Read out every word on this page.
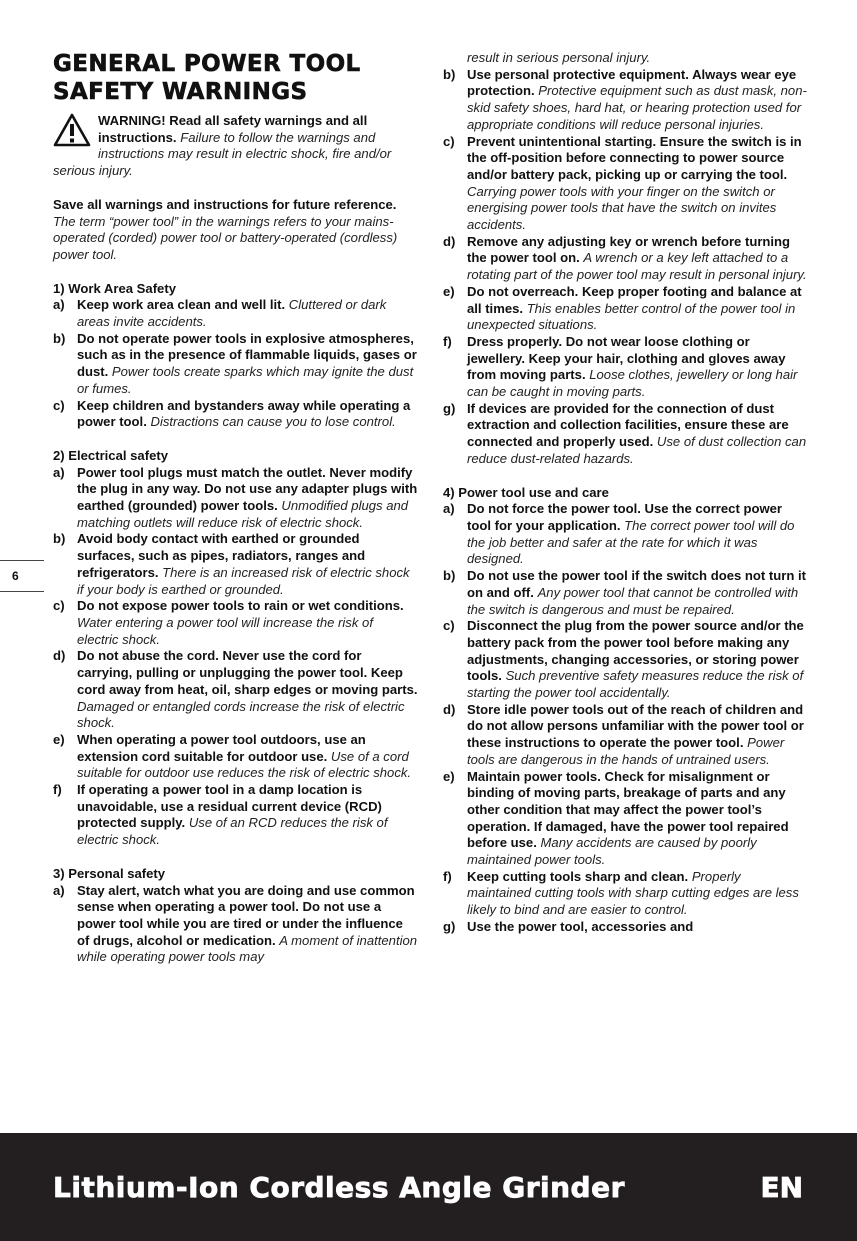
GENERAL POWER TOOL
SAFETY WARNINGS
WARNING! Read all safety warnings and all instructions. Failure to follow the warnings and instructions may result in electric shock, fire and/or serious injury.

Save all warnings and instructions for future reference.
The term “power tool” in the warnings refers to your mains-operated (corded) power tool or battery-operated (cordless) power tool.

1) Work Area Safety
a) Keep work area clean and well lit. Cluttered or dark areas invite accidents.
b) Do not operate power tools in explosive atmospheres, such as in the presence of flammable liquids, gases or dust. Power tools create sparks which may ignite the dust or fumes.
c) Keep children and bystanders away while operating a power tool. Distractions can cause you to lose control.
2) Electrical safety
a) Power tool plugs must match the outlet. Never modify the plug in any way. Do not use any adapter plugs with earthed (grounded) power tools. Unmodified plugs and matching outlets will reduce risk of electric shock.
b) Avoid body contact with earthed or grounded surfaces, such as pipes, radiators, ranges and refrigerators. There is an increased risk of electric shock if your body is earthed or grounded.
c) Do not expose power tools to rain or wet conditions. Water entering a power tool will increase the risk of electric shock.
d) Do not abuse the cord. Never use the cord for carrying, pulling or unplugging the power tool. Keep cord away from heat, oil, sharp edges or moving parts. Damaged or entangled cords increase the risk of electric shock.
e) When operating a power tool outdoors, use an extension cord suitable for outdoor use. Use of a cord suitable for outdoor use reduces the risk of electric shock.
f) If operating a power tool in a damp location is unavoidable, use a residual current device (RCD) protected supply. Use of an RCD reduces the risk of electric shock.
3) Personal safety
a) Stay alert, watch what you are doing and use common sense when operating a power tool. Do not use a power tool while you are tired or under the influence of drugs, alcohol or medication. A moment of inattention while operating power tools may
result in serious personal injury.
b) Use personal protective equipment. Always wear eye protection. Protective equipment such as dust mask, non-skid safety shoes, hard hat, or hearing protection used for appropriate conditions will reduce personal injuries.
c) Prevent unintentional starting. Ensure the switch is in the off-position before connecting to power source and/or battery pack, picking up or carrying the tool. Carrying power tools with your finger on the switch or energising power tools that have the switch on invites accidents.
d) Remove any adjusting key or wrench before turning the power tool on. A wrench or a key left attached to a rotating part of the power tool may result in personal injury.
e) Do not overreach. Keep proper footing and balance at all times. This enables better control of the power tool in unexpected situations.
f) Dress properly. Do not wear loose clothing or jewellery. Keep your hair, clothing and gloves away from moving parts. Loose clothes, jewellery or long hair can be caught in moving parts.
g) If devices are provided for the connection of dust extraction and collection facilities, ensure these are connected and properly used. Use of dust collection can reduce dust-related hazards.
4) Power tool use and care
a) Do not force the power tool. Use the correct power tool for your application. The correct power tool will do the job better and safer at the rate for which it was designed.
b) Do not use the power tool if the switch does not turn it on and off. Any power tool that cannot be controlled with the switch is dangerous and must be repaired.
c) Disconnect the plug from the power source and/or the battery pack from the power tool before making any adjustments, changing accessories, or storing power tools. Such preventive safety measures reduce the risk of starting the power tool accidentally.
d) Store idle power tools out of the reach of children and do not allow persons unfamiliar with the power tool or these instructions to operate the power tool. Power tools are dangerous in the hands of untrained users.
e) Maintain power tools. Check for misalignment or binding of moving parts, breakage of parts and any other condition that may affect the power tool’s operation. If damaged, have the power tool repaired before use. Many accidents are caused by poorly maintained power tools.
f) Keep cutting tools sharp and clean. Properly maintained cutting tools with sharp cutting edges are less likely to bind and are easier to control.
g) Use the power tool, accessories and
6
Lithium-Ion Cordless Angle Grinder	EN
